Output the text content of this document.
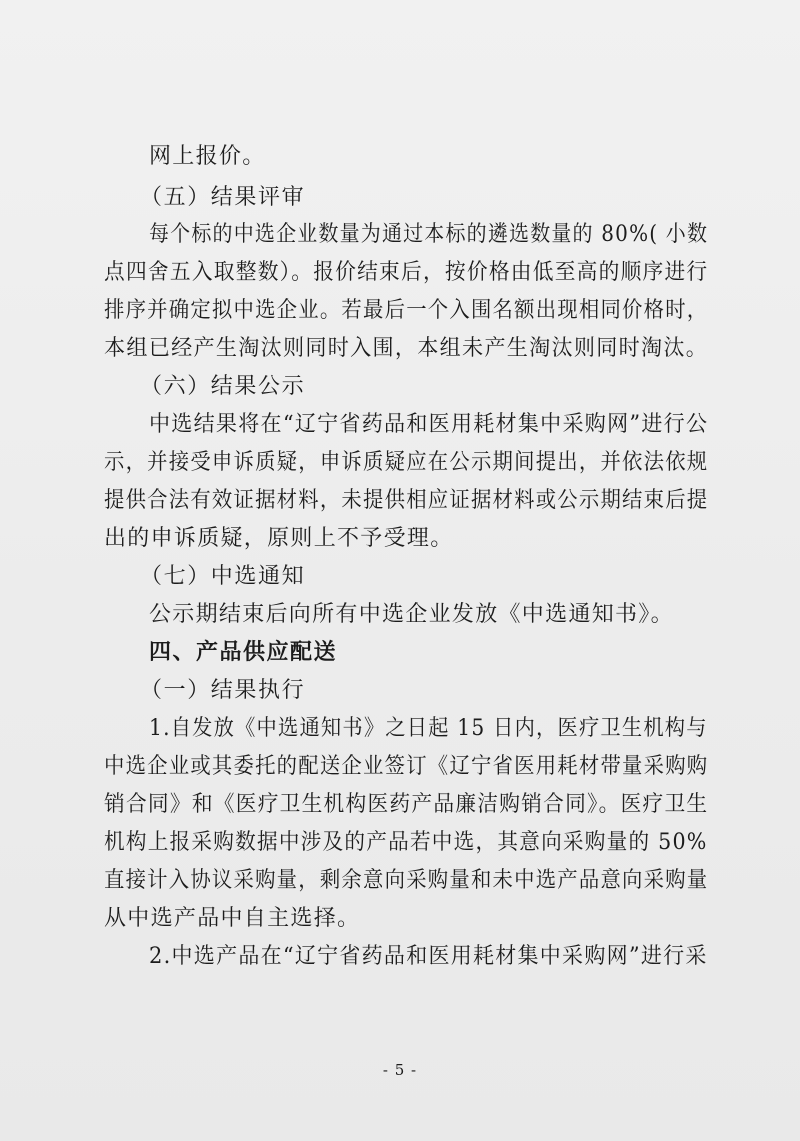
网上报价。
（五）结果评审
每个标的中选企业数量为通过本标的遴选数量的 80%( 小数
点四舍五入取整数）。报价结束后，按价格由低至高的顺序进行
排序并确定拟中选企业。若最后一个入围名额出现相同价格时，
本组已经产生淘汰则同时入围，本组未产生淘汰则同时淘汰。
（六）结果公示
中选结果将在“辽宁省药品和医用耗材集中采购网”进行公
示，并接受申诉质疑，申诉质疑应在公示期间提出，并依法依规
提供合法有效证据材料，未提供相应证据材料或公示期结束后提
出的申诉质疑，原则上不予受理。
（七）中选通知
公示期结束后向所有中选企业发放《中选通知书》。
四、产品供应配送
（一）结果执行
1.自发放《中选通知书》之日起 15 日内，医疗卫生机构与
中选企业或其委托的配送企业签订《辽宁省医用耗材带量采购购
销合同》和《医疗卫生机构医药产品廉洁购销合同》。医疗卫生
机构上报采购数据中涉及的产品若中选，其意向采购量的 50%
直接计入协议采购量，剩余意向采购量和未中选产品意向采购量
从中选产品中自主选择。
2.中选产品在“辽宁省药品和医用耗材集中采购网”进行采
- 5 -
